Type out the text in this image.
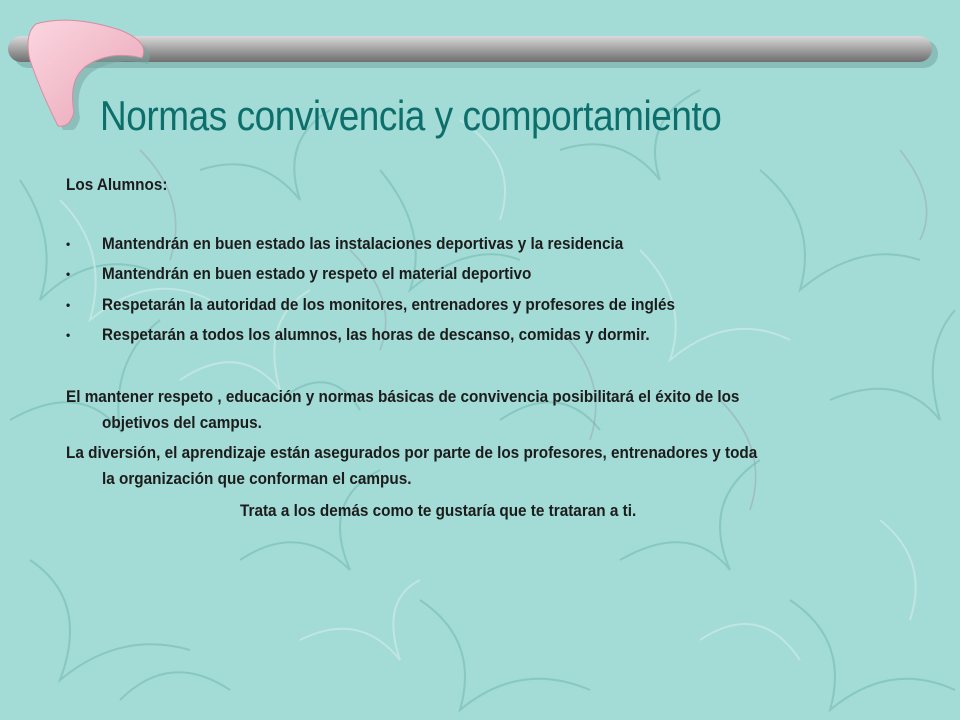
Normas convivencia y comportamiento
Los Alumnos:
• Mantendrán en buen estado las instalaciones deportivas y la residencia
• Mantendrán en buen estado y respeto el material deportivo
• Respetarán la autoridad de los monitores, entrenadores y profesores de inglés
• Respetarán a todos los alumnos, las horas de descanso, comidas y dormir.
El mantener respeto , educación y normas básicas de convivencia posibilitará el éxito de los
objetivos del campus.
La diversión, el aprendizaje están asegurados por parte de los profesores, entrenadores y toda
la organización que conforman el campus.
Trata a los demás como te gustaría que te trataran a ti.
